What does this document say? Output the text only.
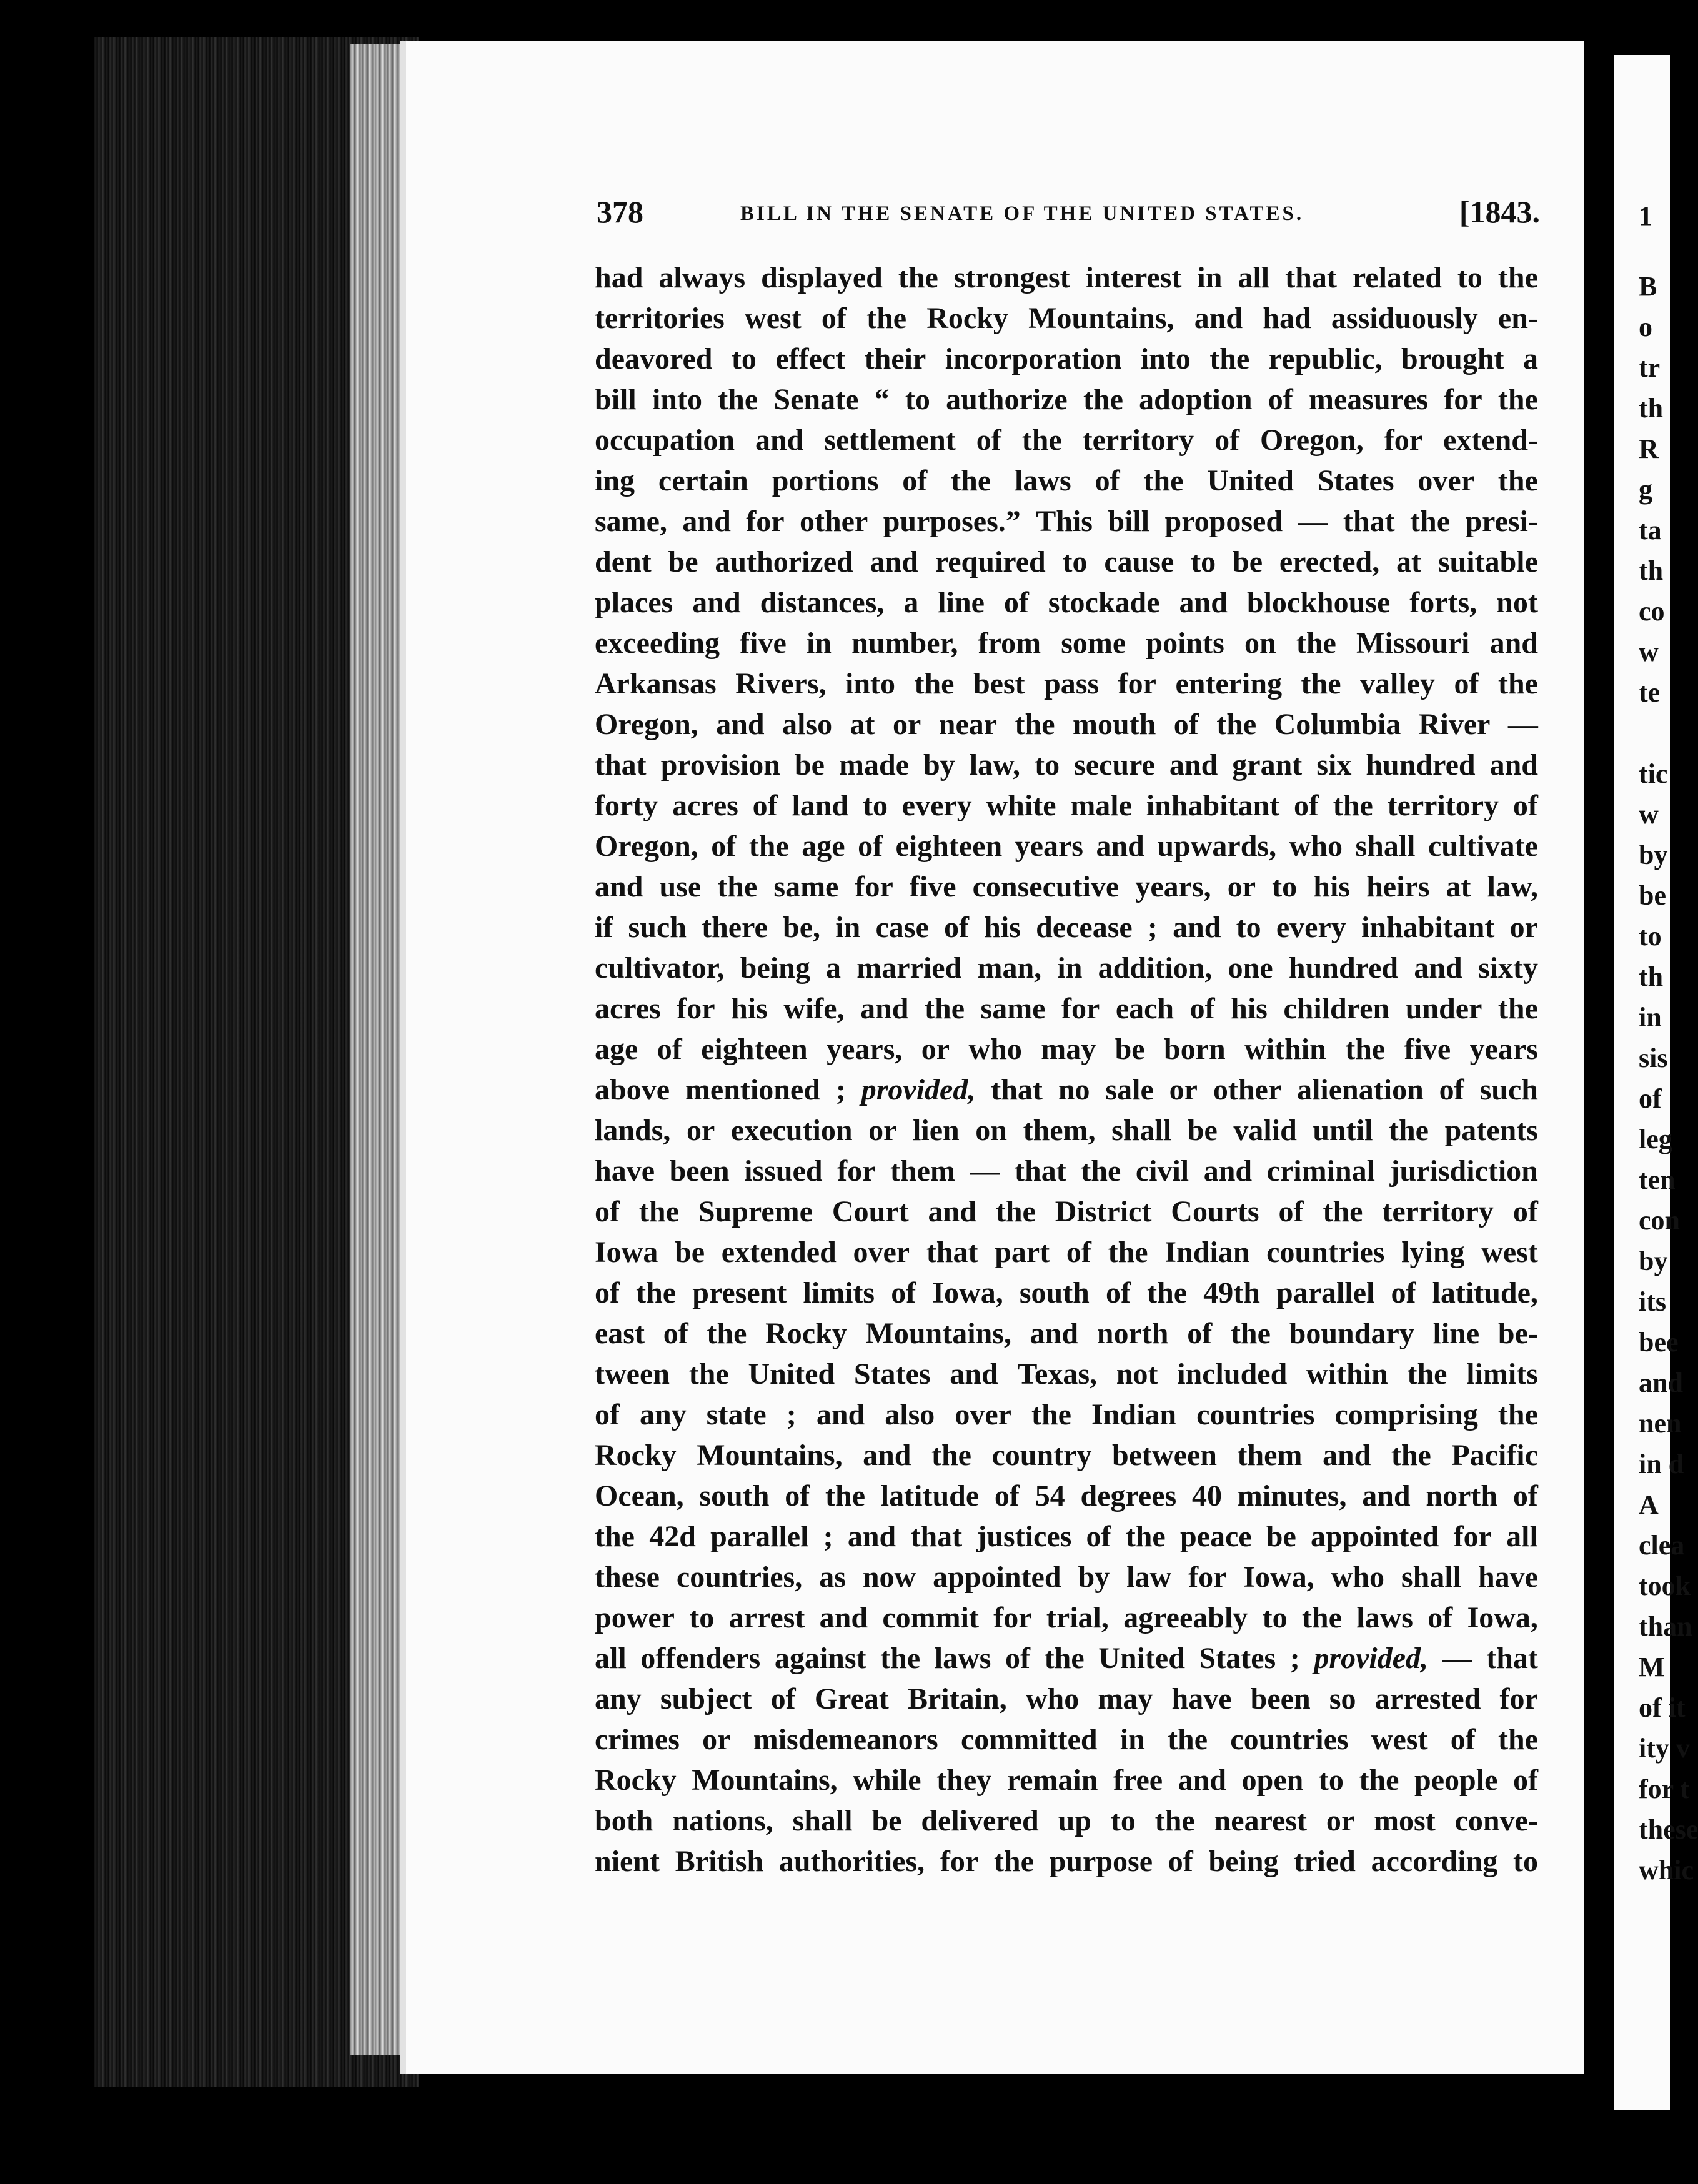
378	BILL IN THE SENATE OF THE UNITED STATES.	[1843.
had always displayed the strongest interest in all that related to the
territories west of the Rocky Mountains, and had assiduously en-
deavored to effect their incorporation into the republic, brought a
bill into the Senate “ to authorize the adoption of measures for the
occupation and settlement of the territory of Oregon, for extend-
ing certain portions of the laws of the United States over the
same, and for other purposes.” This bill proposed — that the presi-
dent be authorized and required to cause to be erected, at suitable
places and distances, a line of stockade and blockhouse forts, not
exceeding five in number, from some points on the Missouri and
Arkansas Rivers, into the best pass for entering the valley of the
Oregon, and also at or near the mouth of the Columbia River —
that provision be made by law, to secure and grant six hundred and
forty acres of land to every white male inhabitant of the territory of
Oregon, of the age of eighteen years and upwards, who shall cultivate
and use the same for five consecutive years, or to his heirs at law,
if such there be, in case of his decease ; and to every inhabitant or
cultivator, being a married man, in addition, one hundred and sixty
acres for his wife, and the same for each of his children under the
age of eighteen years, or who may be born within the five years
above mentioned ; provided, that no sale or other alienation of such
lands, or execution or lien on them, shall be valid until the patents
have been issued for them — that the civil and criminal jurisdiction
of the Supreme Court and the District Courts of the territory of
Iowa be extended over that part of the Indian countries lying west
of the present limits of Iowa, south of the 49th parallel of latitude,
east of the Rocky Mountains, and north of the boundary line be-
tween the United States and Texas, not included within the limits
of any state ; and also over the Indian countries comprising the
Rocky Mountains, and the country between them and the Pacific
Ocean, south of the latitude of 54 degrees 40 minutes, and north of
the 42d parallel ; and that justices of the peace be appointed for all
these countries, as now appointed by law for Iowa, who shall have
power to arrest and commit for trial, agreeably to the laws of Iowa,
all offenders against the laws of the United States ; provided, — that
any subject of Great Britain, who may have been so arrested for
crimes or misdemeanors committed in the countries west of the
Rocky Mountains, while they remain free and open to the people of
both nations, shall be delivered up to the nearest or most conve-
nient British authorities, for the purpose of being tried according to
1
B
o
tr
th
R
g
ta
th
co
w
te
tic
w
by
be
to
th
in
sis
of
leg
ten
con
by
its
bee
and
nen
in d
A
clea
took
than
M
of it
ity v
for t
these
whic
